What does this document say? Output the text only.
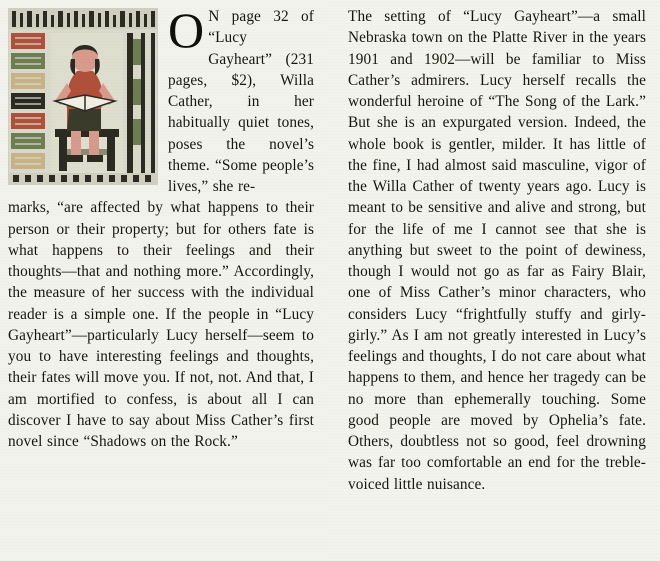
O N page 32 of “Lucy Gayheart” (231 pages, $2), Willa Cather, in her habitually quiet tones, poses the novel’s theme. “Some people’s lives,” she re-
marks, “are affected by what happens to their person or their property; but for others fate is what happens to their feelings and their thoughts—that and nothing more.” Accordingly, the measure of her success with the individual reader is a simple one. If the people in “Lucy Gayheart”—particularly Lucy herself—seem to you to have interesting feelings and thoughts, their fates will move you. If not, not. And that, I am mortified to confess, is about all I can discover I have to say about Miss Cather’s first novel since “Shadows on the Rock.”
The setting of “Lucy Gayheart”—a small Nebraska town on the Platte River in the years 1901 and 1902—will be familiar to Miss Cather’s admirers. Lucy herself recalls the wonderful heroine of “The Song of the Lark.” But she is an expurgated version. Indeed, the whole book is gentler, milder. It has little of the fine, I had almost said masculine, vigor of the Willa Cather of twenty years ago. Lucy is meant to be sensitive and alive and strong, but for the life of me I cannot see that she is anything but sweet to the point of dewiness, though I would not go as far as Fairy Blair, one of Miss Cather’s minor characters, who considers Lucy “frightfully stuffy and girly-girly.” As I am not greatly interested in Lucy’s feelings and thoughts, I do not care about what happens to them, and hence her tragedy can be no more than ephemerally touching. Some good people are moved by Ophelia’s fate. Others, doubtless not so good, feel drowning was far too comfortable an end for the treble-voiced little nuisance.
